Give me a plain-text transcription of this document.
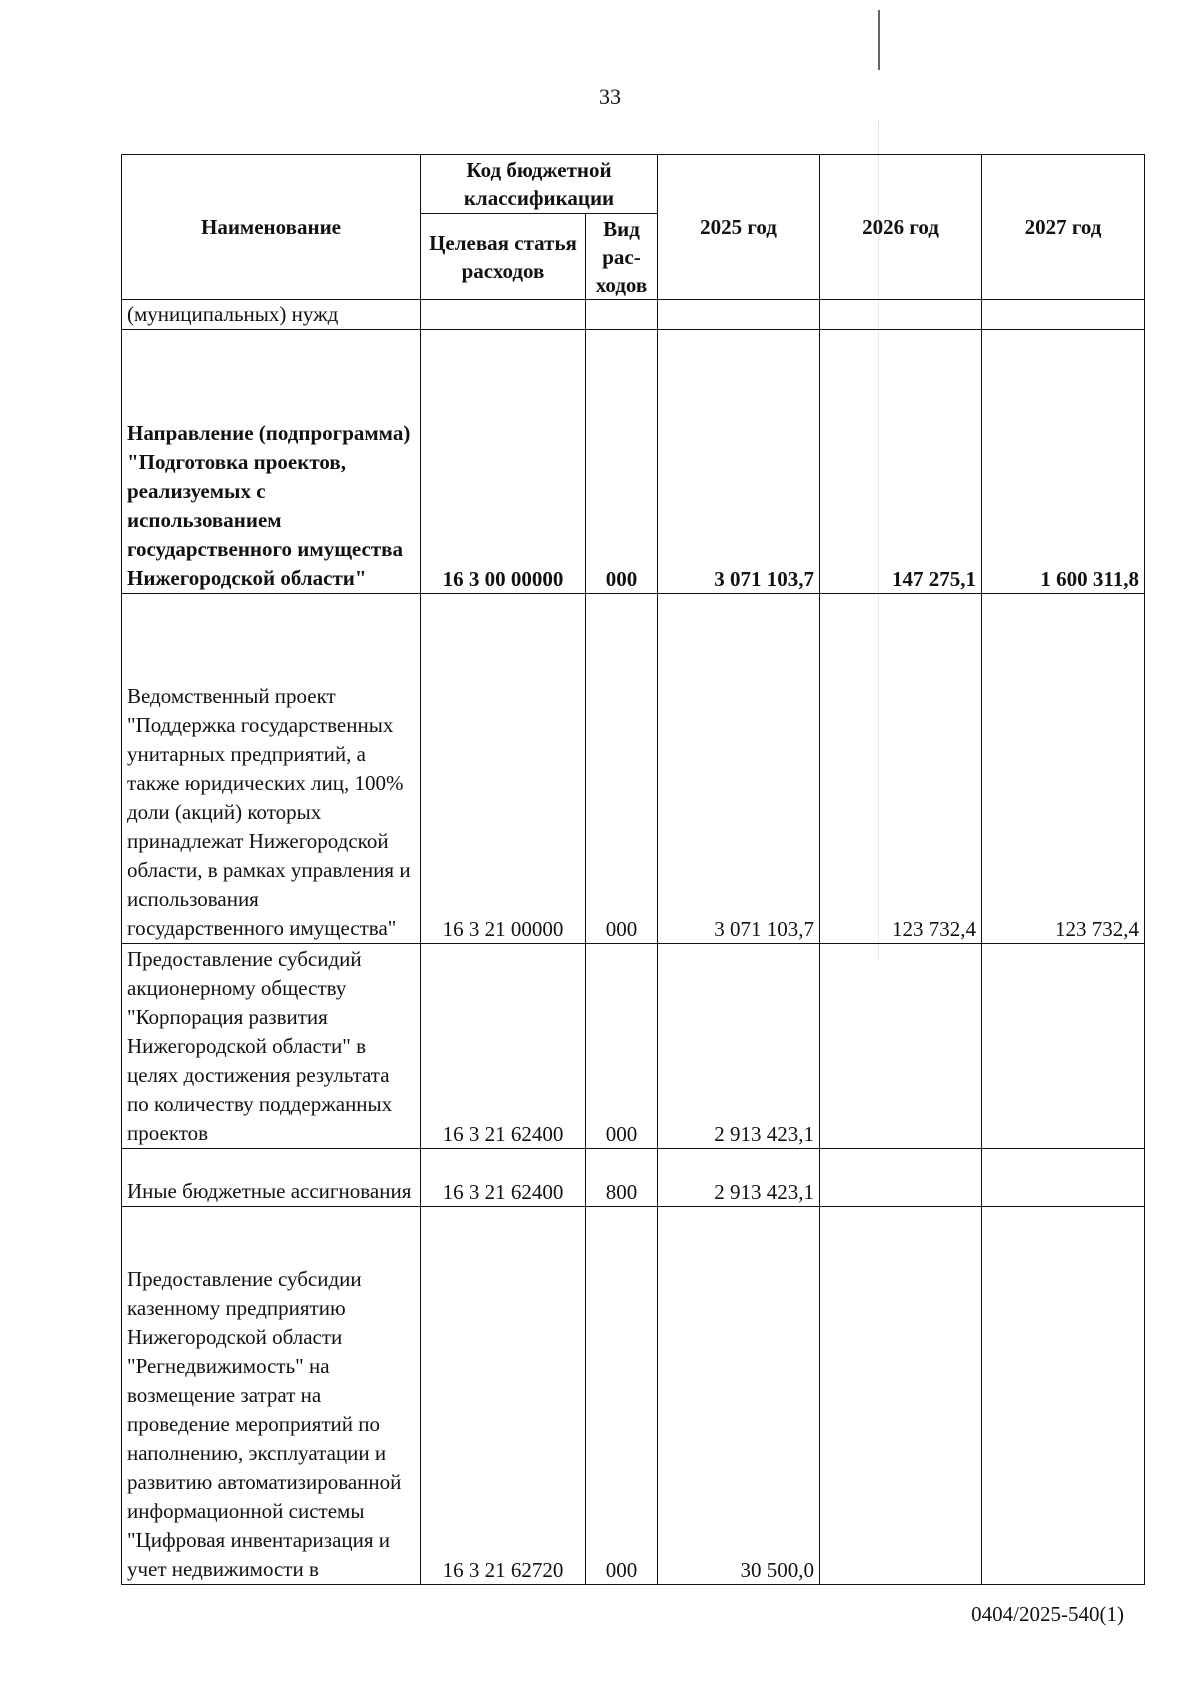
33
Наименование	Код бюджетной классификации		2025 год	2026 год	2027 год
	Целевая статья расходов	Вид рас-ходов			
(муниципальных) нужд					
Направление (подпрограмма) "Подготовка проектов, реализуемых с использованием государственного имущества Нижегородской области"	16 3 00 00000	000	3 071 103,7	147 275,1	1 600 311,8
Ведомственный проект "Поддержка государственных унитарных предприятий, а также юридических лиц, 100% доли (акций) которых принадлежат Нижегородской области, в рамках управления и использования государственного имущества"	16 3 21 00000	000	3 071 103,7	123 732,4	123 732,4
Предоставление субсидий акционерному обществу "Корпорация развития Нижегородской области" в целях достижения результата по количеству поддержанных проектов	16 3 21 62400	000	2 913 423,1		
Иные бюджетные ассигнования	16 3 21 62400	800	2 913 423,1		
Предоставление субсидии казенному предприятию Нижегородской области "Регнедвижимость" на возмещение затрат на проведение мероприятий по наполнению, эксплуатации и развитию автоматизированной информационной системы "Цифровая инвентаризация и учет недвижимости в	16 3 21 62720	000	30 500,0		
0404/2025-540(1)
